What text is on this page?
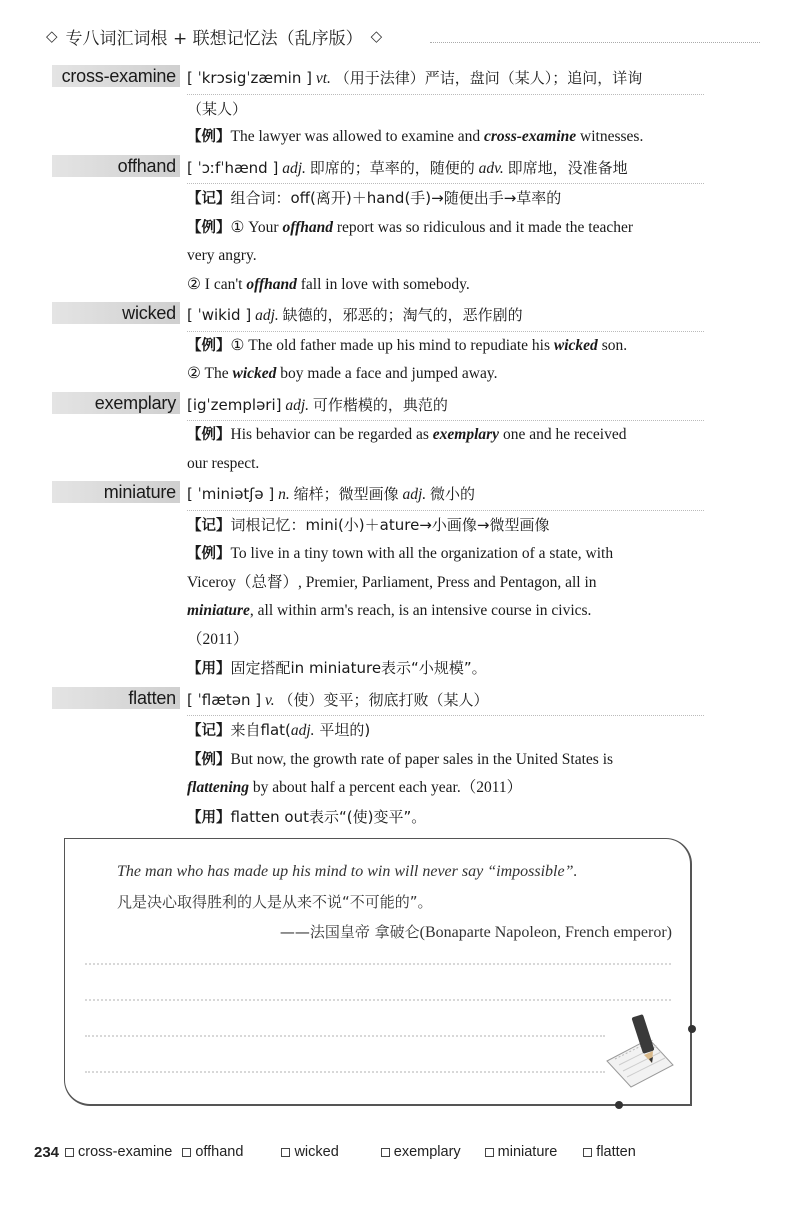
◇ 专八词汇词根 + 联想记忆法（乱序版） ◇
cross-examine [ ˈkrɔsigˈzæmin ] vt. （用于法律）严诘，盘问（某人）；追问，详询
（某人）
【例】The lawyer was allowed to examine and cross-examine witnesses.
offhand [ ˈɔːfˈhænd ] adj. 即席的；草率的，随便的 adv. 即席地，没准备地
【记】组合词：off(离开)＋hand(手)→随便出手→草率的
【例】① Your offhand report was so ridiculous and it made the teacher
very angry.
② I can't offhand fall in love with somebody.
wicked [ ˈwikid ] adj. 缺德的，邪恶的；淘气的，恶作剧的
【例】① The old father made up his mind to repudiate his wicked son.
② The wicked boy made a face and jumped away.
exemplary [igˈzempləri] adj. 可作楷模的，典范的
【例】His behavior can be regarded as exemplary one and he received
our respect.
miniature [ ˈminiətʃə ] n. 缩样；微型画像 adj. 微小的
【记】词根记忆：mini(小)＋ature→小画像→微型画像
【例】To live in a tiny town with all the organization of a state, with
Viceroy（总督）, Premier, Parliament, Press and Pentagon, all in
miniature, all within arm's reach, is an intensive course in civics.
（2011）
【用】固定搭配in miniature表示“小规模”。
flatten [ ˈflætən ] v. （使）变平；彻底打败（某人）
【记】来自flat(adj. 平坦的)
【例】But now, the growth rate of paper sales in the United States is
flattening by about half a percent each year.（2011）
【用】flatten out表示“(使)变平”。
The man who has made up his mind to win will never say “impossible”.
凡是决心取得胜利的人是从来不说“不可能的”。
——法国皇帝 拿破仑(Bonaparte Napoleon, French emperor)
234 cross-examine offhand	wicked	exemplary	miniature	flatten
